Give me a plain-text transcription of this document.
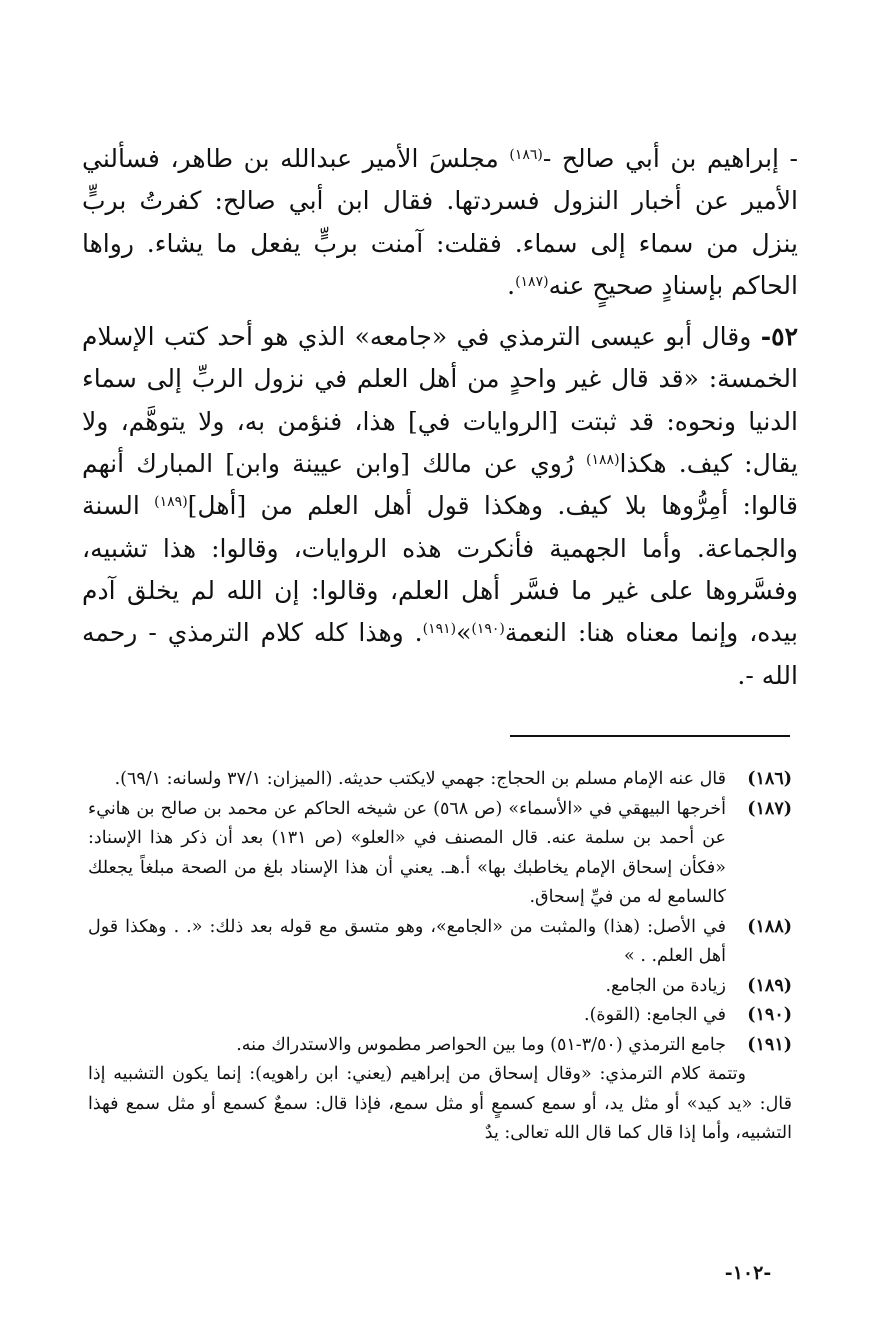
- إبراهيم بن أبي صالح -$^{(١٨٦)}$ مجلسَ الأمير عبدالله بن طاهر، فسألني الأمير عن أخبار النزول فسردتها. فقال ابن أبي صالح: كفرتُ بربٍّ ينزل من سماء إلى سماء. فقلت: آمنت بربٍّ يفعل ما يشاء. رواها الحاكم بإسنادٍ صحيحٍ عنه$^{(١٨٧)}$.

٥٢- وقال أبو عيسى الترمذي في «جامعه» الذي هو أحد كتب الإسلام الخمسة: «قد قال غير واحدٍ من أهل العلم في نزول الربِّ إلى سماء الدنيا ونحوه: قد ثبتت [الروايات في] هذا، فنؤمن به، ولا يتوهَّم، ولا يقال: كيف. هكذا$^{(١٨٨)}$ رُوي عن مالك [وابن عيينة وابن] المبارك أنهم قالوا: أمِرُّوها بلا كيف. وهكذا قول أهل العلم من [أهل]$^{(١٨٩)}$ السنة والجماعة. وأما الجهمية فأنكرت هذه الروايات، وقالوا: هذا تشبيه، وفسَّروها على غير ما فسَّر أهل العلم، وقالوا: إن الله لم يخلق آدم بيده، وإنما معناه هنا: النعمة$^{(١٩٠)}$»$^{(١٩١)}$. وهذا كله كلام الترمذي - رحمه الله -.

(١٨٦)
قال عنه الإمام مسلم بن الحجاج: جهمي لايكتب حديثه. (الميزان: ٣٧/١ ولسانه: ٦٩/١).

(١٨٧)
أخرجها البيهقي في «الأسماء» (ص ٥٦٨) عن شيخه الحاكم عن محمد بن صالح بن هانيء عن أحمد بن سلمة عنه. قال المصنف في «العلو» (ص ١٣١) بعد أن ذكر هذا الإسناد: «فكأن إسحاق الإمام يخاطبك بها» أ.هـ. يعني أن هذا الإسناد بلغ من الصحة مبلغاً يجعلك كالسامع له من فيِّ إسحاق.

(١٨٨)
في الأصل: (هذا) والمثبت من «الجامع»، وهو متسق مع قوله بعد ذلك: «. . وهكذا قول أهل العلم. . »

(١٨٩)
زيادة من الجامع.

(١٩٠)
في الجامع: (القوة).

(١٩١)
جامع الترمذي (٣/٥٠-٥١) وما بين الحواصر مطموس والاستدراك منه.

وتتمة كلام الترمذي: «وقال إسحاق من إبراهيم (يعني: ابن راهويه): إنما يكون التشبيه إذا قال: «يد كيد» أو مثل يد، أو سمع كسمعٍ أو مثل سمع، فإذا قال: سمعٌ كسمع أو مثل سمع فهذا التشبيه، وأما إذا قال كما قال الله تعالى: يدٌ

-١٠٢-
